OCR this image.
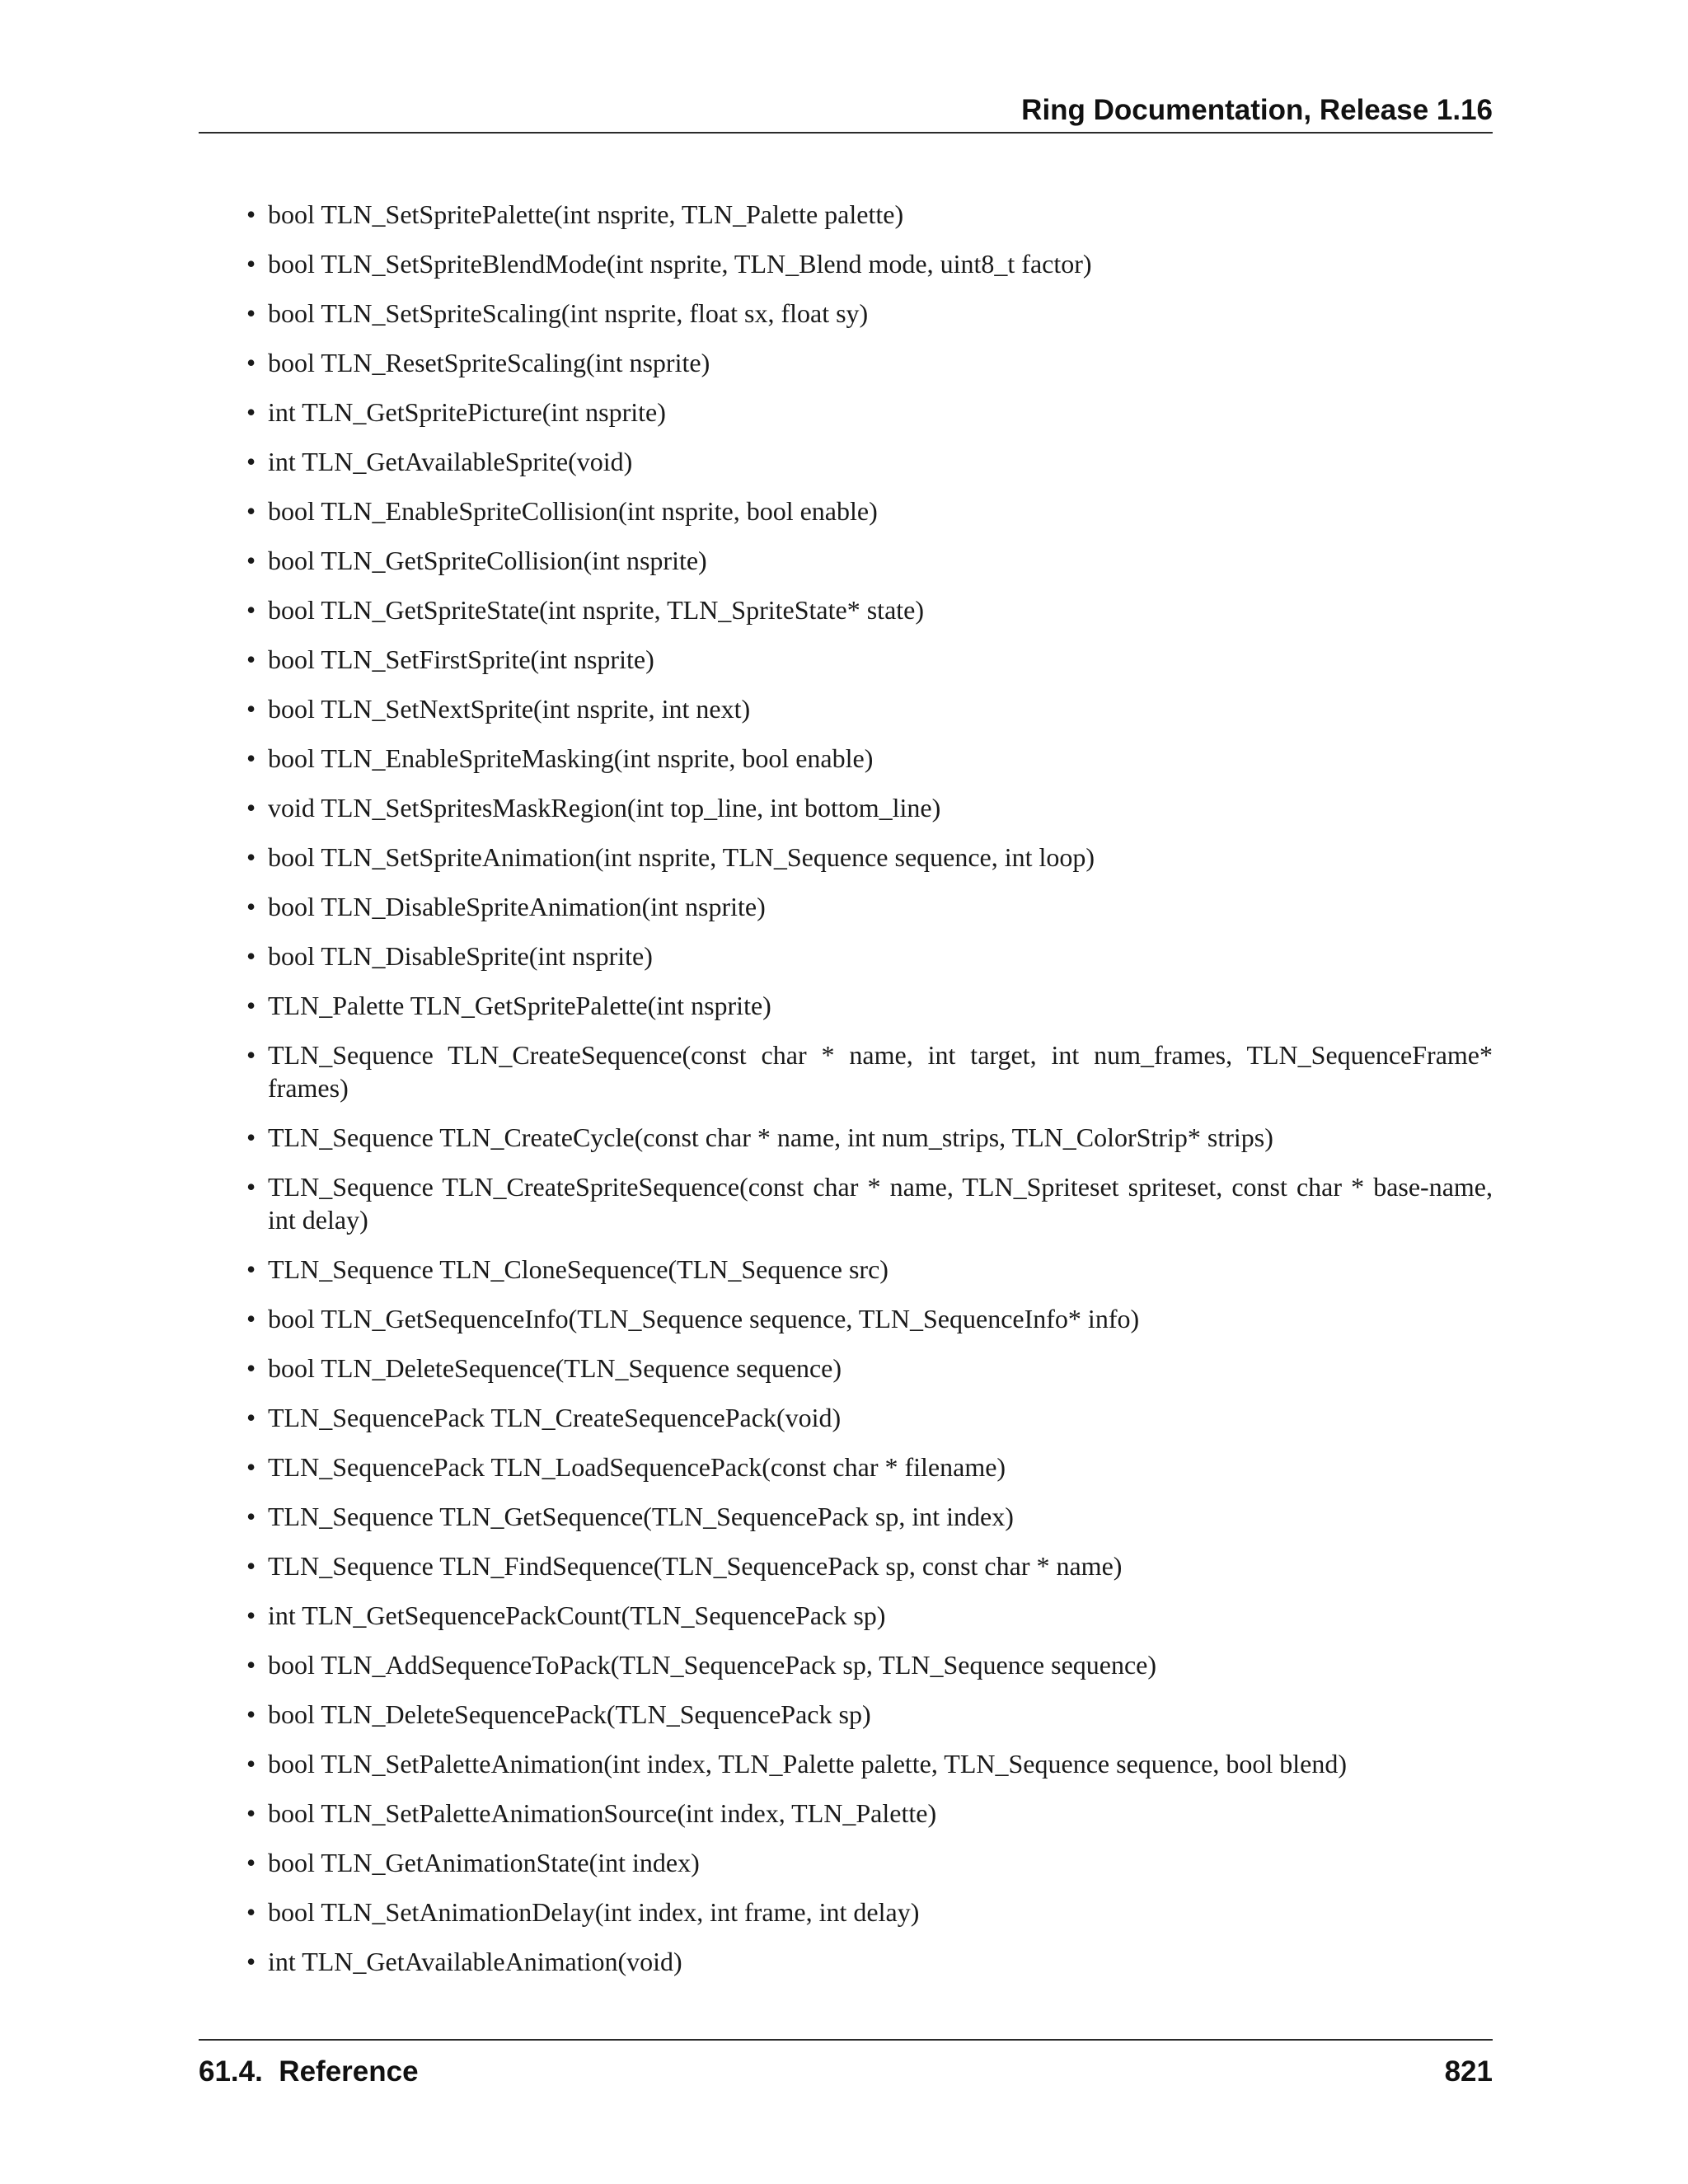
Ring Documentation, Release 1.16
• bool TLN_SetSpritePalette(int nsprite, TLN_Palette palette)
• bool TLN_SetSpriteBlendMode(int nsprite, TLN_Blend mode, uint8_t factor)
• bool TLN_SetSpriteScaling(int nsprite, float sx, float sy)
• bool TLN_ResetSpriteScaling(int nsprite)
• int TLN_GetSpritePicture(int nsprite)
• int TLN_GetAvailableSprite(void)
• bool TLN_EnableSpriteCollision(int nsprite, bool enable)
• bool TLN_GetSpriteCollision(int nsprite)
• bool TLN_GetSpriteState(int nsprite, TLN_SpriteState* state)
• bool TLN_SetFirstSprite(int nsprite)
• bool TLN_SetNextSprite(int nsprite, int next)
• bool TLN_EnableSpriteMasking(int nsprite, bool enable)
• void TLN_SetSpritesMaskRegion(int top_line, int bottom_line)
• bool TLN_SetSpriteAnimation(int nsprite, TLN_Sequence sequence, int loop)
• bool TLN_DisableSpriteAnimation(int nsprite)
• bool TLN_DisableSprite(int nsprite)
• TLN_Palette TLN_GetSpritePalette(int nsprite)
• TLN_Sequence TLN_CreateSequence(const char * name, int target, int num_frames, TLN_SequenceFrame* frames)
• TLN_Sequence TLN_CreateCycle(const char * name, int num_strips, TLN_ColorStrip* strips)
• TLN_Sequence TLN_CreateSpriteSequence(const char * name, TLN_Spriteset spriteset, const char * base-name, int delay)
• TLN_Sequence TLN_CloneSequence(TLN_Sequence src)
• bool TLN_GetSequenceInfo(TLN_Sequence sequence, TLN_SequenceInfo* info)
• bool TLN_DeleteSequence(TLN_Sequence sequence)
• TLN_SequencePack TLN_CreateSequencePack(void)
• TLN_SequencePack TLN_LoadSequencePack(const char * filename)
• TLN_Sequence TLN_GetSequence(TLN_SequencePack sp, int index)
• TLN_Sequence TLN_FindSequence(TLN_SequencePack sp, const char * name)
• int TLN_GetSequencePackCount(TLN_SequencePack sp)
• bool TLN_AddSequenceToPack(TLN_SequencePack sp, TLN_Sequence sequence)
• bool TLN_DeleteSequencePack(TLN_SequencePack sp)
• bool TLN_SetPaletteAnimation(int index, TLN_Palette palette, TLN_Sequence sequence, bool blend)
• bool TLN_SetPaletteAnimationSource(int index, TLN_Palette)
• bool TLN_GetAnimationState(int index)
• bool TLN_SetAnimationDelay(int index, int frame, int delay)
• int TLN_GetAvailableAnimation(void)
61.4.  Reference	821
